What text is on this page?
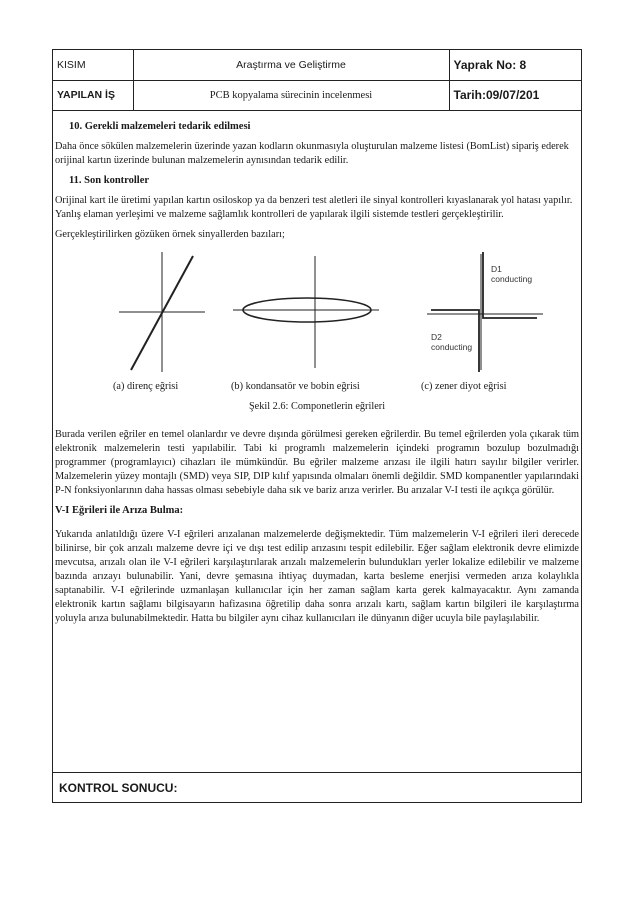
KISIM	Araştırma ve Geliştirme	Yaprak No: 8
YAPILAN İŞ	PCB kopyalama sürecinin incelenmesi	Tarih:09/07/201
10. Gerekli malzemeleri tedarik edilmesi

Daha önce sökülen malzemelerin üzerinde yazan kodların okunmasıyla oluşturulan malzeme listesi (BomList) sipariş ederek orijinal kartın üzerinde bulunan malzemelerin aynısından tedarik edilir.

11. Son kontroller

Orijinal kart ile üretimi yapılan kartın osiloskop ya da benzeri test aletleri ile sinyal kontrolleri kıyaslanarak yol hatası yapılır. Yanlış elaman yerleşimi ve malzeme sağlamlık kontrolleri de yapılarak ilgili sistemde testleri gerçekleştirilir.

Gerçekleştirilirken gözüken örnek sinyallerden bazıları;

D1
conducting
D2
conducting
(a) direnç eğrisi	(b) kondansatör ve bobin eğrisi	(c) zener diyot eğrisi
Şekil 2.6: Componetlerin eğrileri

Burada verilen eğriler en temel olanlardır ve devre dışında görülmesi gereken eğrilerdir. Bu temel eğrilerden yola çıkarak tüm elektronik malzemelerin testi yapılabilir. Tabi ki programlı malzemelerin içindeki programın bozulup bozulmadığı programmer (programlayıcı) cihazları ile mümkündür. Bu eğriler malzeme arızası ile ilgili hatırı sayılır bilgiler verirler. Malzemelerin yüzey montajlı (SMD) veya SIP, DIP kılıf yapısında olmaları önemli değildir. SMD kompanentler yapılarındaki P-N fonksiyonlarının daha hassas olması sebebiyle daha sık ve bariz arıza verirler. Bu arızalar V-I testi ile açıkça görülür.

V-I Eğrileri ile Arıza Bulma:

Yukarıda anlatıldığı üzere V-I eğrileri arızalanan malzemelerde değişmektedir. Tüm malzemelerin V-I eğrileri ileri derecede bilinirse, bir çok arızalı malzeme devre içi ve dışı test edilip arızasını tespit edilebilir. Eğer sağlam elektronik devre elimizde mevcutsa, arızalı olan ile V-I eğrileri karşılaştırılarak arızalı malzemelerin bulundukları yerler lokalize edilebilir ve malzeme bazında arızayı bulunabilir. Yani, devre şemasına ihtiyaç duymadan, karta besleme enerjisi vermeden arıza kolaylıkla saptanabilir. V-I eğrilerinde uzmanlaşan kullanıcılar için her zaman sağlam karta gerek kalmayacaktır. Aynı zamanda elektronik kartın sağlamı bilgisayarın hafizasına öğretilip daha sonra arızalı kartı, sağlam kartın bilgileri ile karşılaştırma yoluyla arıza bulunabilmektedir. Hatta bu bilgiler aynı cihaz kullanıcıları ile dünyanın diğer ucuyla bile paylaşılabilir.

KONTROL SONUCU:
